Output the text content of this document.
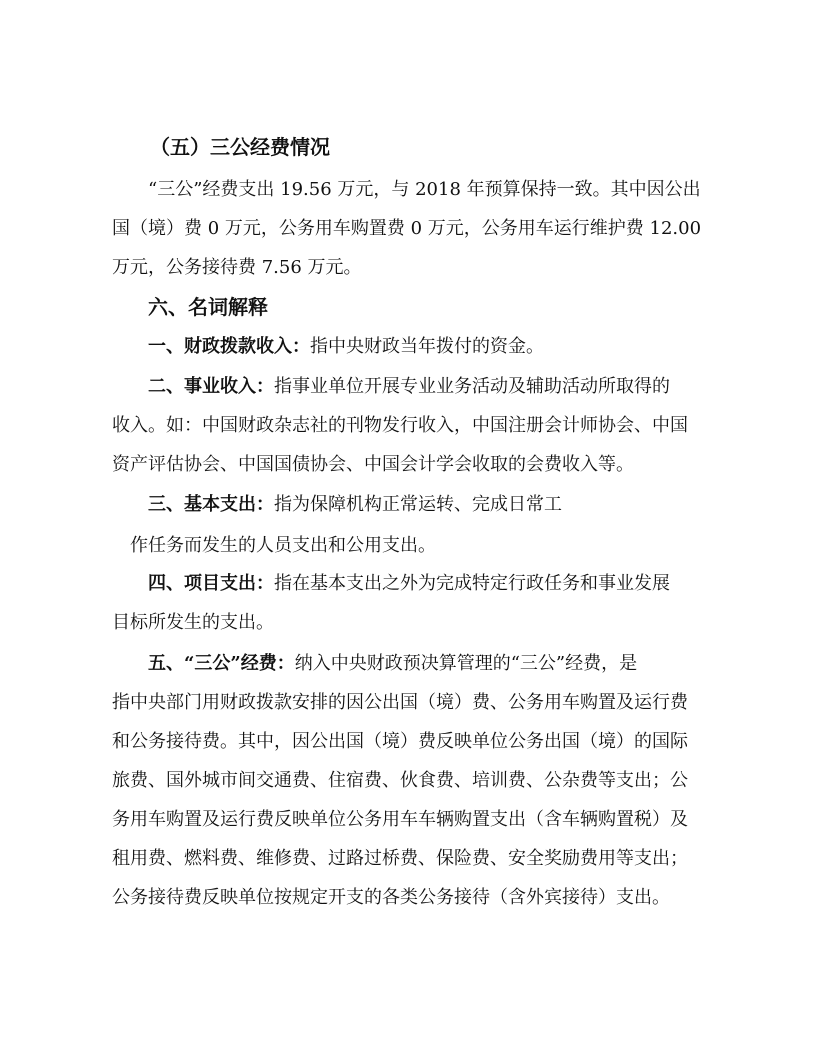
（五）三公经费情况
“三公”经费支出 19.56 万元，与 2018 年预算保持一致。其中因公出
国（境）费 0 万元，公务用车购置费 0 万元，公务用车运行维护费 12.00
万元，公务接待费 7.56 万元。
六、名词解释
一、财政拨款收入：指中央财政当年拨付的资金。
二、事业收入：指事业单位开展专业业务活动及辅助活动所取得的
收入。如：中国财政杂志社的刊物发行收入，中国注册会计师协会、中国
资产评估协会、中国国债协会、中国会计学会收取的会费收入等。
三、基本支出：指为保障机构正常运转、完成日常工
作任务而发生的人员支出和公用支出。
四、项目支出：指在基本支出之外为完成特定行政任务和事业发展
目标所发生的支出。
五、“三公”经费：纳入中央财政预决算管理的“三公”经费，是
指中央部门用财政拨款安排的因公出国（境）费、公务用车购置及运行费
和公务接待费。其中，因公出国（境）费反映单位公务出国（境）的国际
旅费、国外城市间交通费、住宿费、伙食费、培训费、公杂费等支出；公
务用车购置及运行费反映单位公务用车车辆购置支出（含车辆购置税）及
租用费、燃料费、维修费、过路过桥费、保险费、安全奖励费用等支出；
公务接待费反映单位按规定开支的各类公务接待（含外宾接待）支出。
